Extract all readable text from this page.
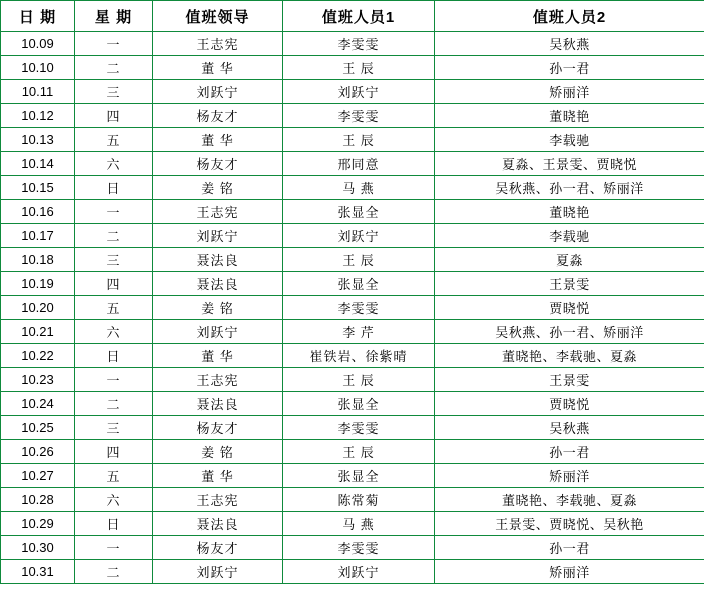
日 期	星 期	值班领导	值班人员1	值班人员2
10.09	一	王志宪	李雯雯	吴秋燕
10.10	二	董 华	王 辰	孙一君
10.11	三	刘跃宁	刘跃宁	矫丽洋
10.12	四	杨友才	李雯雯	董晓艳
10.13	五	董 华	王 辰	李载驰
10.14	六	杨友才	邢同意	夏淼、王景雯、贾晓悦
10.15	日	姜 铭	马 燕	吴秋燕、孙一君、矫丽洋
10.16	一	王志宪	张显全	董晓艳
10.17	二	刘跃宁	刘跃宁	李载驰
10.18	三	聂法良	王 辰	夏淼
10.19	四	聂法良	张显全	王景雯
10.20	五	姜 铭	李雯雯	贾晓悦
10.21	六	刘跃宁	李 芹	吴秋燕、孙一君、矫丽洋
10.22	日	董 华	崔铁岩、徐紫晴	董晓艳、李载驰、夏淼
10.23	一	王志宪	王 辰	王景雯
10.24	二	聂法良	张显全	贾晓悦
10.25	三	杨友才	李雯雯	吴秋燕
10.26	四	姜 铭	王 辰	孙一君
10.27	五	董 华	张显全	矫丽洋
10.28	六	王志宪	陈常菊	董晓艳、李载驰、夏淼
10.29	日	聂法良	马 燕	王景雯、贾晓悦、吴秋艳
10.30	一	杨友才	李雯雯	孙一君
10.31	二	刘跃宁	刘跃宁	矫丽洋
